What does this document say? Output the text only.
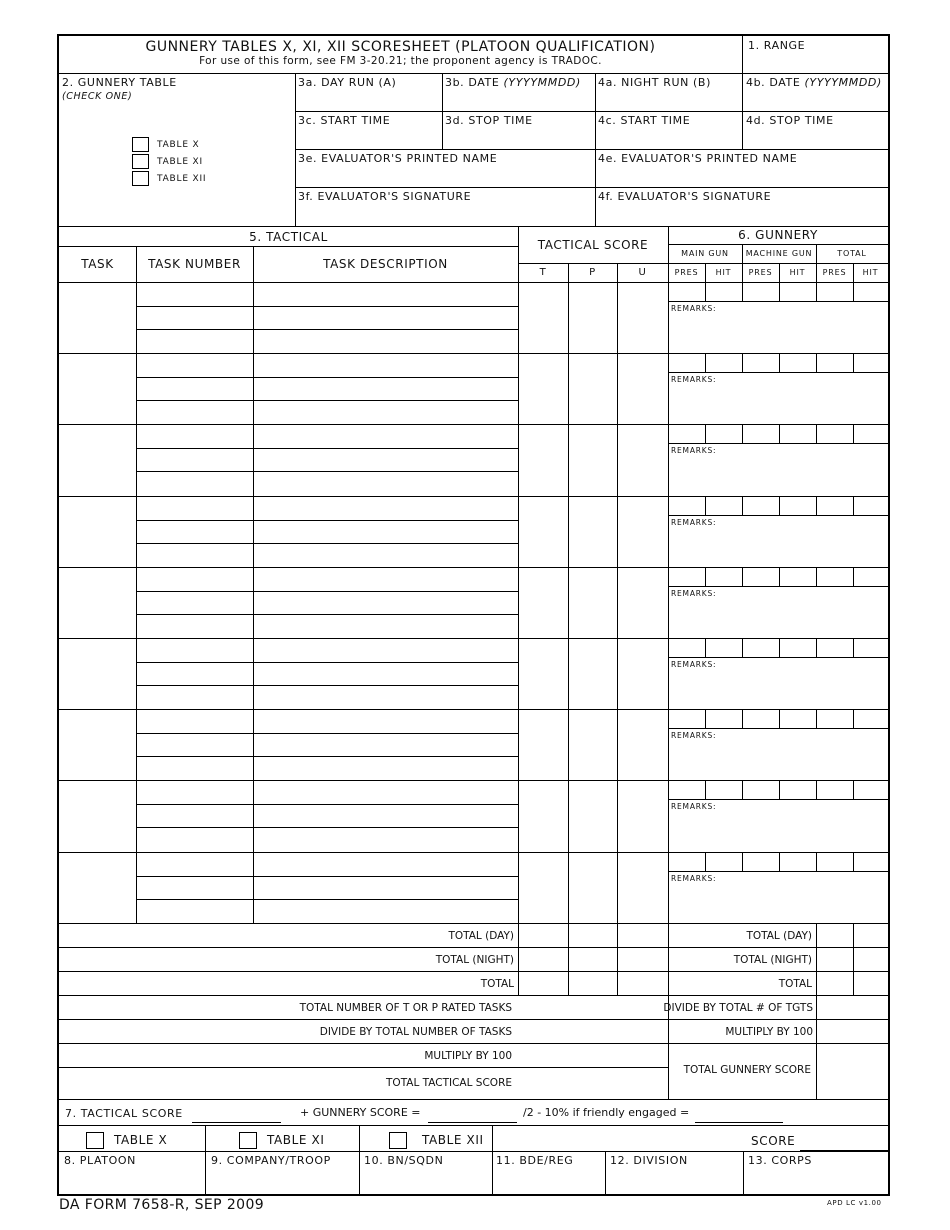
GUNNERY TABLES X, XI, XII SCORESHEET (PLATOON QUALIFICATION)
For use of this form, see FM 3-20.21; the proponent agency is TRADOC.
1. RANGE
2. GUNNERY TABLE
(CHECK ONE)
TABLE X
TABLE XI
TABLE XII
3a. DAY RUN (A)	3b. DATE (YYYYMMDD) 4a. NIGHT RUN (B)	4b. DATE (YYYYMMDD)
3c. START TIME	3d. STOP TIME	4c. START TIME	4d. STOP TIME
3e. EVALUATOR'S PRINTED NAME	4e. EVALUATOR'S PRINTED NAME
3f. EVALUATOR'S SIGNATURE	4f. EVALUATOR'S SIGNATURE
5. TACTICAL
TASK	TASK NUMBER	TASK DESCRIPTION
TACTICAL SCORE
T	P	U
6. GUNNERY
MAIN GUN	MACHINE GUN	TOTAL
PRES	HIT	PRES	HIT	PRES	HIT
REMARKS:
REMARKS:
REMARKS:
REMARKS:
REMARKS:
REMARKS:
REMARKS:
REMARKS:
REMARKS:
TOTAL (DAY)
TOTAL (NIGHT)
TOTAL
TOTAL NUMBER OF T OR P RATED TASKS
DIVIDE BY TOTAL NUMBER OF TASKS
MULTIPLY BY 100
TOTAL TACTICAL SCORE
TOTAL (DAY)
TOTAL (NIGHT)
TOTAL
DIVIDE BY TOTAL # OF TGTS
MULTIPLY BY 100
TOTAL GUNNERY SCORE
7. TACTICAL SCORE	+ GUNNERY SCORE =	/2 - 10% if friendly engaged =
TABLE X	TABLE XI	TABLE XII	SCORE
8. PLATOON	9. COMPANY/TROOP	10. BN/SQDN	11. BDE/REG	12. DIVISION	13. CORPS
DA FORM 7658-R, SEP 2009	APD LC v1.00
